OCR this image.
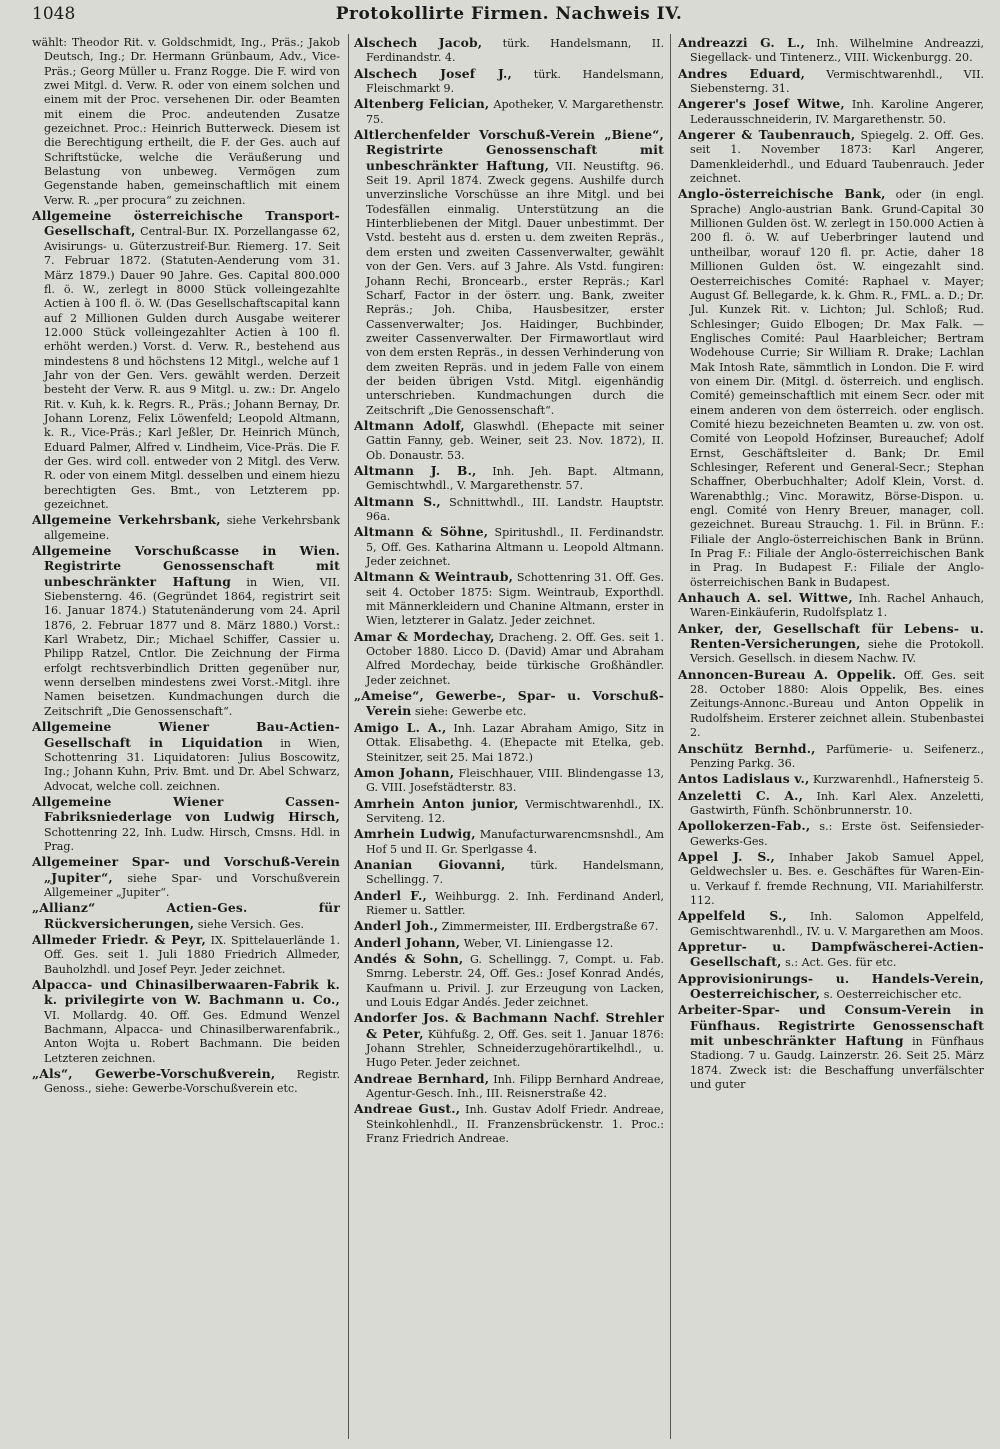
1048	Protokollirte Firmen. Nachweis IV.

wählt: Theodor Rit. v. Goldschmidt, Ing., Präs.; Jakob Deutsch, Ing.; Dr. Hermann Grünbaum, Adv., Vice-Präs.; Georg Müller u. Franz Rogge. Die F. wird von zwei Mitgl. d. Verw. R. oder von einem solchen und einem mit der Proc. versehenen Dir. oder Beamten mit einem die Proc. andeutenden Zusatze gezeichnet. Proc.: Heinrich Butterweck. Diesem ist die Berechtigung ertheilt, die F. der Ges. auch auf Schriftstücke, welche die Veräußerung und Belastung von unbeweg. Vermögen zum Gegenstande haben, gemeinschaftlich mit einem Verw. R. „per procura“ zu zeichnen.

Allgemeine österreichische Transport-Gesellschaft, Central-Bur. IX. Porzellangasse 62, Avisirungs- u. Güterzustreif-Bur. Riemerg. 17. Seit 7. Februar 1872. (Statuten-Aenderung vom 31. März 1879.) Dauer 90 Jahre. Ges. Capital 800.000 fl. ö. W., zerlegt in 8000 Stück volleingezahlte Actien à 100 fl. ö. W. (Das Gesellschaftscapital kann auf 2 Millionen Gulden durch Ausgabe weiterer 12.000 Stück volleingezahlter Actien à 100 fl. erhöht werden.) Vorst. d. Verw. R., bestehend aus mindestens 8 und höchstens 12 Mitgl., welche auf 1 Jahr von der Gen. Vers. gewählt werden. Derzeit besteht der Verw. R. aus 9 Mitgl. u. zw.: Dr. Angelo Rit. v. Kuh, k. k. Regrs. R., Präs.; Johann Bernay, Dr. Johann Lorenz, Felix Löwenfeld; Leopold Altmann, k. R., Vice-Präs.; Karl Jeßler, Dr. Heinrich Münch, Eduard Palmer, Alfred v. Lindheim, Vice-Präs. Die F. der Ges. wird coll. entweder von 2 Mitgl. des Verw. R. oder von einem Mitgl. desselben und einem hiezu berechtigten Ges. Bmt., von Letzterem pp. gezeichnet.

Allgemeine Verkehrsbank, siehe Verkehrsbank allgemeine.

Allgemeine Vorschußcasse in Wien. Registrirte Genossenschaft mit unbeschränkter Haftung in Wien, VII. Siebensterng. 46. (Gegründet 1864, registrirt seit 16. Januar 1874.) Statutenänderung vom 24. April 1876, 2. Februar 1877 und 8. März 1880.) Vorst.: Karl Wrabetz, Dir.; Michael Schiffer, Cassier u. Philipp Ratzel, Cntlor. Die Zeichnung der Firma erfolgt rechtsverbindlich Dritten gegenüber nur, wenn derselben mindestens zwei Vorst.-Mitgl. ihre Namen beisetzen. Kundmachungen durch die Zeitschrift „Die Genossenschaft“.

Allgemeine Wiener Bau-Actien-Gesellschaft in Liquidation in Wien, Schottenring 31. Liquidatoren: Julius Boscowitz, Ing.; Johann Kuhn, Priv. Bmt. und Dr. Abel Schwarz, Advocat, welche coll. zeichnen.

Allgemeine Wiener Cassen-Fabriksniederlage von Ludwig Hirsch, Schottenring 22, Inh. Ludw. Hirsch, Cmsns. Hdl. in Prag.

Allgemeiner Spar- und Vorschuß-Verein „Jupiter“, siehe Spar- und Vorschußverein Allgemeiner „Jupiter“.

„Allianz“ Actien-Ges. für Rückversicherungen, siehe Versich. Ges.

Allmeder Friedr. & Peyr, IX. Spittelauerlände 1. Off. Ges. seit 1. Juli 1880 Friedrich Allmeder, Bauholzhdl. und Josef Peyr. Jeder zeichnet.

Alpacca- und Chinasilberwaaren-Fabrik k. k. privilegirte von W. Bachmann u. Co., VI. Mollardg. 40. Off. Ges. Edmund Wenzel Bachmann, Alpacca- und Chinasilberwarenfabrik., Anton Wojta u. Robert Bachmann. Die beiden Letzteren zeichnen.

„Als“, Gewerbe-Vorschußverein, Registr. Genoss., siehe: Gewerbe-Vorschußverein etc.

Alschech Jacob, türk. Handelsmann, II. Ferdinandstr. 4.

Alschech Josef J., türk. Handelsmann, Fleischmarkt 9.

Altenberg Felician, Apotheker, V. Margarethenstr. 75.

Altlerchenfelder Vorschuß-Verein „Biene“, Registrirte Genossenschaft mit unbeschränkter Haftung, VII. Neustiftg. 96. Seit 19. April 1874. Zweck gegens. Aushilfe durch unverzinsliche Vorschüsse an ihre Mitgl. und bei Todesfällen einmalig. Unterstützung an die Hinterbliebenen der Mitgl. Dauer unbestimmt. Der Vstd. besteht aus d. ersten u. dem zweiten Repräs., dem ersten und zweiten Cassenverwalter, gewählt von der Gen. Vers. auf 3 Jahre. Als Vstd. fungiren: Johann Rechi, Broncearb., erster Repräs.; Karl Scharf, Factor in der österr. ung. Bank, zweiter Repräs.; Joh. Chiba, Hausbesitzer, erster Cassenverwalter; Jos. Haidinger, Buchbinder, zweiter Cassenverwalter. Der Firmawortlaut wird von dem ersten Repräs., in dessen Verhinderung von dem zweiten Repräs. und in jedem Falle von einem der beiden übrigen Vstd. Mitgl. eigenhändig unterschrieben. Kundmachungen durch die Zeitschrift „Die Genossenschaft“.

Altmann Adolf, Glaswhdl. (Ehepacte mit seiner Gattin Fanny, geb. Weiner, seit 23. Nov. 1872), II. Ob. Donaustr. 53.

Altmann J. B., Inh. Jeh. Bapt. Altmann, Gemischtwhdl., V. Margarethenstr. 57.

Altmann S., Schnittwhdl., III. Landstr. Hauptstr. 96a.

Altmann & Söhne, Spiritushdl., II. Ferdinandstr. 5, Off. Ges. Katharina Altmann u. Leopold Altmann. Jeder zeichnet.

Altmann & Weintraub, Schottenring 31. Off. Ges. seit 4. October 1875: Sigm. Weintraub, Exporthdl. mit Männerkleidern und Chanine Altmann, erster in Wien, letzterer in Galatz. Jeder zeichnet.

Amar & Mordechay, Dracheng. 2. Off. Ges. seit 1. October 1880. Licco D. (David) Amar und Abraham Alfred Mordechay, beide türkische Großhändler. Jeder zeichnet.

„Ameise“, Gewerbe-, Spar- u. Vorschuß-Verein siehe: Gewerbe etc.

Amigo L. A., Inh. Lazar Abraham Amigo, Sitz in Ottak. Elisabethg. 4. (Ehepacte mit Etelka, geb. Steinitzer, seit 25. Mai 1872.)

Amon Johann, Fleischhauer, VIII. Blindengasse 13, G. VIII. Josefstädterstr. 83.

Amrhein Anton junior, Vermischtwarenhdl., IX. Serviteng. 12.

Amrhein Ludwig, Manufacturwarencmsnshdl., Am Hof 5 und II. Gr. Sperlgasse 4.

Ananian Giovanni, türk. Handelsmann, Schellingg. 7.

Anderl F., Weihburgg. 2. Inh. Ferdinand Anderl, Riemer u. Sattler.

Anderl Joh., Zimmermeister, III. Erdbergstraße 67.

Anderl Johann, Weber, VI. Liniengasse 12.

Andés & Sohn, G. Schellingg. 7, Compt. u. Fab. Smrng. Leberstr. 24, Off. Ges.: Josef Konrad Andés, Kaufmann u. Privil. J. zur Erzeugung von Lacken, und Louis Edgar Andés. Jeder zeichnet.

Andorfer Jos. & Bachmann Nachf. Strehler & Peter, Kühfußg. 2, Off. Ges. seit 1. Januar 1876: Johann Strehler, Schneiderzugehörartikelhdl., u. Hugo Peter. Jeder zeichnet.

Andreae Bernhard, Inh. Filipp Bernhard Andreae, Agentur-Gesch. Inh., III. Reisnerstraße 42.

Andreae Gust., Inh. Gustav Adolf Friedr. Andreae, Steinkohlenhdl., II. Franzensbrückenstr. 1. Proc.: Franz Friedrich Andreae.

Andreazzi G. L., Inh. Wilhelmine Andreazzi, Siegellack- und Tintenerz., VIII. Wickenburgg. 20.

Andres Eduard, Vermischtwarenhdl., VII. Siebensterng. 31.

Angerer's Josef Witwe, Inh. Karoline Angerer, Lederausschneiderin, IV. Margarethenstr. 50.

Angerer & Taubenrauch, Spiegelg. 2. Off. Ges. seit 1. November 1873: Karl Angerer, Damenkleiderhdl., und Eduard Taubenrauch. Jeder zeichnet.

Anglo-österreichische Bank, oder (in engl. Sprache) Anglo-austrian Bank. Grund-Capital 30 Millionen Gulden öst. W. zerlegt in 150.000 Actien à 200 fl. ö. W. auf Ueberbringer lautend und untheilbar, worauf 120 fl. pr. Actie, daher 18 Millionen Gulden öst. W. eingezahlt sind. Oesterreichisches Comité: Raphael v. Mayer; August Gf. Bellegarde, k. k. Ghm. R., FML. a. D.; Dr. Jul. Kunzek Rit. v. Lichton; Jul. Schloß; Rud. Schlesinger; Guido Elbogen; Dr. Max Falk. — Englisches Comité: Paul Haarbleicher; Bertram Wodehouse Currie; Sir William R. Drake; Lachlan Mak Intosh Rate, sämmtlich in London. Die F. wird von einem Dir. (Mitgl. d. österreich. und englisch. Comité) gemeinschaftlich mit einem Secr. oder mit einem anderen von dem österreich. oder englisch. Comité hiezu bezeichneten Beamten u. zw. von ost. Comité von Leopold Hofzinser, Bureauchef; Adolf Ernst, Geschäftsleiter d. Bank; Dr. Emil Schlesinger, Referent und General-Secr.; Stephan Schaffner, Oberbuchhalter; Adolf Klein, Vorst. d. Warenabthlg.; Vinc. Morawitz, Börse-Dispon. u. engl. Comité von Henry Breuer, manager, coll. gezeichnet. Bureau Strauchg. 1. Fil. in Brünn. F.: Filiale der Anglo-österreichischen Bank in Brünn. In Prag F.: Filiale der Anglo-österreichischen Bank in Prag. In Budapest F.: Filiale der Anglo-österreichischen Bank in Budapest.

Anhauch A. sel. Wittwe, Inh. Rachel Anhauch, Waren-Einkäuferin, Rudolfsplatz 1.

Anker, der, Gesellschaft für Lebens- u. Renten-Versicherungen, siehe die Protokoll. Versich. Gesellsch. in diesem Nachw. IV.

Annoncen-Bureau A. Oppelik. Off. Ges. seit 28. October 1880: Alois Oppelik, Bes. eines Zeitungs-Annonc.-Bureau und Anton Oppelik in Rudolfsheim. Ersterer zeichnet allein. Stubenbastei 2.

Anschütz Bernhd., Parfümerie- u. Seifenerz., Penzing Parkg. 36.

Antos Ladislaus v., Kurzwarenhdl., Hafnersteig 5.

Anzeletti C. A., Inh. Karl Alex. Anzeletti, Gastwirth, Fünfh. Schönbrunnerstr. 10.

Apollokerzen-Fab., s.: Erste öst. Seifensieder-Gewerks-Ges.

Appel J. S., Inhaber Jakob Samuel Appel, Geldwechsler u. Bes. e. Geschäftes für Waren-Ein- u. Verkauf f. fremde Rechnung, VII. Mariahilferstr. 112.

Appelfeld S., Inh. Salomon Appelfeld, Gemischtwarenhdl., IV. u. V. Margarethen am Moos.

Appretur- u. Dampfwäscherei-Actien-Gesellschaft, s.: Act. Ges. für etc.

Approvisionirungs- u. Handels-Verein, Oesterreichischer, s. Oesterreichischer etc.

Arbeiter-Spar- und Consum-Verein in Fünfhaus. Registrirte Genossenschaft mit unbeschränkter Haftung in Fünfhaus Stadiong. 7 u. Gaudg. Lainzerstr. 26. Seit 25. März 1874. Zweck ist: die Beschaffung unverfälschter und guter
